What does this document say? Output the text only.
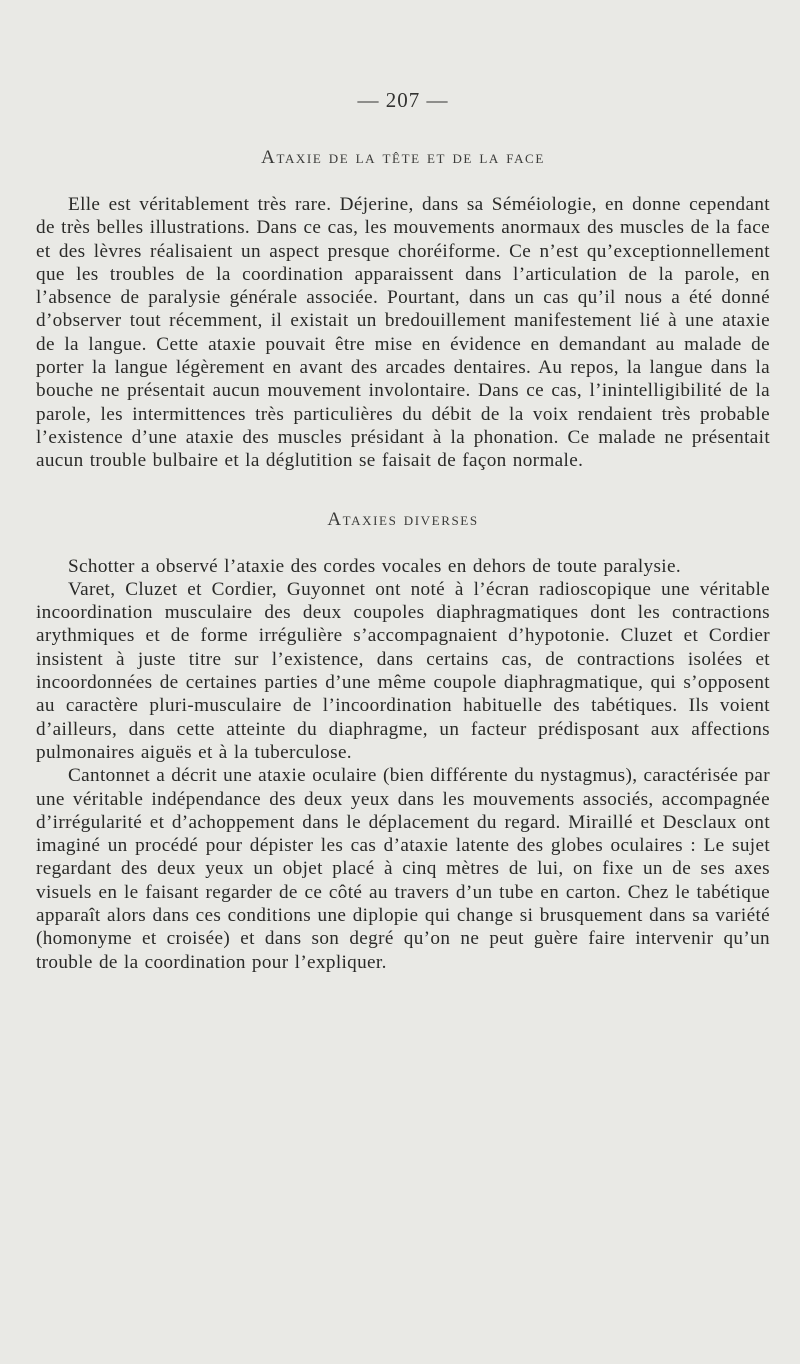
— 207 —
Ataxie de la tête et de la face

Elle est véritablement très rare. Déjerine, dans sa Séméiologie, en donne cependant de très belles illustrations. Dans ce cas, les mouvements anormaux des muscles de la face et des lèvres réalisaient un aspect presque choréiforme. Ce n’est qu’exceptionnellement que les troubles de la coordination apparaissent dans l’articulation de la parole, en l’absence de paralysie générale associée. Pourtant, dans un cas qu’il nous a été donné d’observer tout récemment, il existait un bredouillement manifestement lié à une ataxie de la langue. Cette ataxie pouvait être mise en évidence en demandant au malade de porter la langue légèrement en avant des arcades dentaires. Au repos, la langue dans la bouche ne présentait aucun mouvement involontaire. Dans ce cas, l’inintelligibilité de la parole, les intermittences très particulières du débit de la voix rendaient très probable l’existence d’une ataxie des muscles présidant à la phonation. Ce malade ne présentait aucun trouble bulbaire et la déglutition se faisait de façon normale.

Ataxies diverses

Schotter a observé l’ataxie des cordes vocales en dehors de toute paralysie.

Varet, Cluzet et Cordier, Guyonnet ont noté à l’écran radioscopique une véritable incoordination musculaire des deux coupoles diaphragmatiques dont les contractions arythmiques et de forme irrégulière s’accompagnaient d’hypotonie. Cluzet et Cordier insistent à juste titre sur l’existence, dans certains cas, de contractions isolées et incoordonnées de certaines parties d’une même coupole diaphragmatique, qui s’opposent au caractère pluri-musculaire de l’incoordination habituelle des tabétiques. Ils voient d’ailleurs, dans cette atteinte du diaphragme, un facteur prédisposant aux affections pulmonaires aiguës et à la tuberculose.

Cantonnet a décrit une ataxie oculaire (bien différente du nystagmus), caractérisée par une véritable indépendance des deux yeux dans les mouvements associés, accompagnée d’irrégularité et d’achoppement dans le déplacement du regard. Miraillé et Desclaux ont imaginé un procédé pour dépister les cas d’ataxie latente des globes oculaires : Le sujet regardant des deux yeux un objet placé à cinq mètres de lui, on fixe un de ses axes visuels en le faisant regarder de ce côté au travers d’un tube en carton. Chez le tabétique apparaît alors dans ces conditions une diplopie qui change si brusquement dans sa variété (homonyme et croisée) et dans son degré qu’on ne peut guère faire intervenir qu’un trouble de la coordination pour l’expliquer.
